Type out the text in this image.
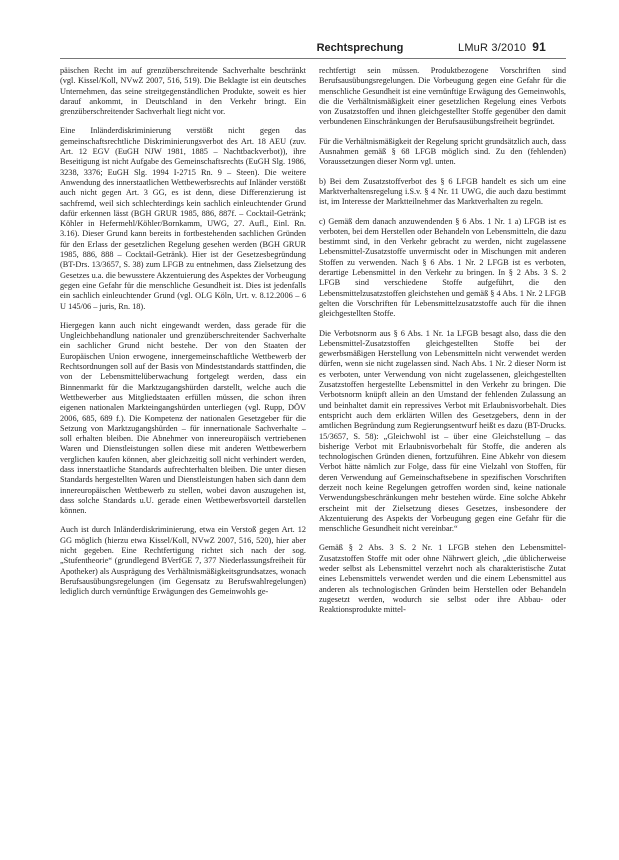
Rechtsprechung	LMuR 3/2010 91

päischen Recht im auf grenzüberschreitende Sachverhalte beschränkt (vgl. Kissel/Koll, NVwZ 2007, 516, 519). Die Beklagte ist ein deutsches Unternehmen, das seine streitgegenständlichen Produkte, soweit es hier darauf ankommt, in Deutschland in den Verkehr bringt. Ein grenzüberschreitender Sachverhalt liegt nicht vor.

Eine Inländerdiskriminierung verstößt nicht gegen das gemeinschaftsrechtliche Diskriminierungsverbot des Art. 18 AEU (zuv. Art. 12 EGV (EuGH NJW 1981, 1885 – Nachtbackverbot)), ihre Beseitigung ist nicht Aufgabe des Gemeinschaftsrechts (EuGH Slg. 1986, 3238, 3376; EuGH Slg. 1994 I-2715 Rn. 9 – Steen). Die weitere Anwendung des innerstaatlichen Wettbewerbsrechts auf Inländer verstößt auch nicht gegen Art. 3 GG, es ist denn, diese Differenzierung ist sachfremd, weil sich schlechterdings kein sachlich einleuchtender Grund dafür erkennen lässt (BGH GRUR 1985, 886, 887f. – Cocktail-Getränk; Köhler in Hefermehl/Köhler/Bornkamm, UWG, 27. Aufl., Einl. Rn. 3.16). Dieser Grund kann bereits in fortbestehenden sachlichen Gründen für den Erlass der gesetzlichen Regelung gesehen werden (BGH GRUR 1985, 886, 888 – Cocktail-Getränk). Hier ist der Gesetzesbegründung (BT-Drs. 13/3657, S. 38) zum LFGB zu entnehmen, dass Zielsetzung des Gesetzes u.a. die bewusstere Akzentuierung des Aspektes der Vorbeugung gegen eine Gefahr für die menschliche Gesundheit ist. Dies ist jedenfalls ein sachlich einleuchtender Grund (vgl. OLG Köln, Urt. v. 8.12.2006 – 6 U 145/06 – juris, Rn. 18).

Hiergegen kann auch nicht eingewandt werden, dass gerade für die Ungleichbehandlung nationaler und grenzüberschreitender Sachverhalte ein sachlicher Grund nicht bestehe. Der von den Staaten der Europäischen Union erwogene, innergemeinschaftliche Wettbewerb der Rechtsordnungen soll auf der Basis von Mindeststandards stattfinden, die von der Lebensmittelüberwachung fortgelegt werden, dass ein Binnenmarkt für die Marktzugangshürden darstellt, welche auch die Wettbewerber aus Mitgliedstaaten erfüllen müssen, die schon ihren eigenen nationalen Markteingangshürden unterliegen (vgl. Rupp, DÖV 2006, 685, 689 f.). Die Kompetenz der nationalen Gesetzgeber für die Setzung von Marktzugangshürden – für innernationale Sachverhalte – soll erhalten bleiben. Die Abnehmer von innereuropäisch vertriebenen Waren und Dienstleistungen sollen diese mit anderen Wettbewerbern verglichen kaufen können, aber gleichzeitig soll nicht verhindert werden, dass innerstaatliche Standards aufrechterhalten bleiben. Die unter diesen Standards hergestellten Waren und Dienstleistungen haben sich dann dem innereuropäischen Wettbewerb zu stellen, wobei davon auszugehen ist, dass solche Standards u.U. gerade einen Wettbewerbsvorteil darstellen können.

Auch ist durch Inländerdiskriminierung, etwa ein Verstoß gegen Art. 12 GG möglich (hierzu etwa Kissel/Koll, NVwZ 2007, 516, 520), hier aber nicht gegeben. Eine Rechtfertigung richtet sich nach der sog. „Stufentheorie“ (grundlegend BVerfGE 7, 377 Niederlassungsfreiheit für Apotheker) als Ausprägung des Verhältnismäßigkeitsgrundsatzes, wonach Berufsausübungsregelungen (im Gegensatz zu Berufswahlregelungen) lediglich durch vernünftige Erwägungen des Gemeinwohls ge-

rechtfertigt sein müssen. Produktbezogene Vorschriften sind Berufsausübungsregelungen. Die Vorbeugung gegen eine Gefahr für die menschliche Gesundheit ist eine vernünftige Erwägung des Gemeinwohls, die die Verhältnismäßigkeit einer gesetzlichen Regelung eines Verbots von Zusatzstoffen und ihnen gleichgestellter Stoffe gegenüber den damit verbundenen Einschränkungen der Berufsausübungsfreiheit begründet.

Für die Verhältnismäßigkeit der Regelung spricht grundsätzlich auch, dass Ausnahmen gemäß § 68 LFGB möglich sind. Zu den (fehlenden) Voraussetzungen dieser Norm vgl. unten.

b) Bei dem Zusatzstoffverbot des § 6 LFGB handelt es sich um eine Marktverhaltensregelung i.S.v. § 4 Nr. 11 UWG, die auch dazu bestimmt ist, im Interesse der Marktteilnehmer das Marktverhalten zu regeln.

c) Gemäß dem danach anzuwendenden § 6 Abs. 1 Nr. 1 a) LFGB ist es verboten, bei dem Herstellen oder Behandeln von Lebensmitteln, die dazu bestimmt sind, in den Verkehr gebracht zu werden, nicht zugelassene Lebensmittel-Zusatzstoffe unvermischt oder in Mischungen mit anderen Stoffen zu verwenden. Nach § 6 Abs. 1 Nr. 2 LFGB ist es verboten, derartige Lebensmittel in den Verkehr zu bringen. In § 2 Abs. 3 S. 2 LFGB sind verschiedene Stoffe aufgeführt, die den Lebensmittelzusatzstoffen gleichstehen und gemäß § 4 Abs. 1 Nr. 2 LFGB gelten die Vorschriften für Lebensmittelzusatzstoffe auch für die ihnen gleichgestellten Stoffe.

Die Verbotsnorm aus § 6 Abs. 1 Nr. 1a LFGB besagt also, dass die den Lebensmittel-Zusatzstoffen gleichgestellten Stoffe bei der gewerbsmäßigen Herstellung von Lebensmitteln nicht verwendet werden dürfen, wenn sie nicht zugelassen sind. Nach Abs. 1 Nr. 2 dieser Norm ist es verboten, unter Verwendung von nicht zugelassenen, gleichgestellten Zusatzstoffen hergestellte Lebensmittel in den Verkehr zu bringen. Die Verbotsnorm knüpft allein an den Umstand der fehlenden Zulassung an und beinhaltet damit ein repressives Verbot mit Erlaubnisvorbehalt. Dies entspricht auch dem erklärten Willen des Gesetzgebers, denn in der amtlichen Begründung zum Regierungsentwurf heißt es dazu (BT-Drucks. 15/3657, S. 58): „Gleichwohl ist – über eine Gleichstellung – das bisherige Verbot mit Erlaubnisvorbehalt für Stoffe, die anderen als technologischen Gründen dienen, fortzuführen. Eine Abkehr von diesem Verbot hätte nämlich zur Folge, dass für eine Vielzahl von Stoffen, für deren Verwendung auf Gemeinschaftsebene in spezifischen Vorschriften derzeit noch keine Regelungen getroffen worden sind, keine nationale Verwendungsbeschränkungen mehr bestehen würde. Eine solche Abkehr erscheint mit der Zielsetzung dieses Gesetzes, insbesondere der Akzentuierung des Aspekts der Vorbeugung gegen eine Gefahr für die menschliche Gesundheit nicht vereinbar.“

Gemäß § 2 Abs. 3 S. 2 Nr. 1 LFGB stehen den Lebensmittel-Zusatzstoffen Stoffe mit oder ohne Nährwert gleich, „die üblicherweise weder selbst als Lebensmittel verzehrt noch als charakteristische Zutat eines Lebensmittels verwendet werden und die einem Lebensmittel aus anderen als technologischen Gründen beim Herstellen oder Behandeln zugesetzt werden, wodurch sie selbst oder ihre Abbau- oder Reaktionsprodukte mittel-
